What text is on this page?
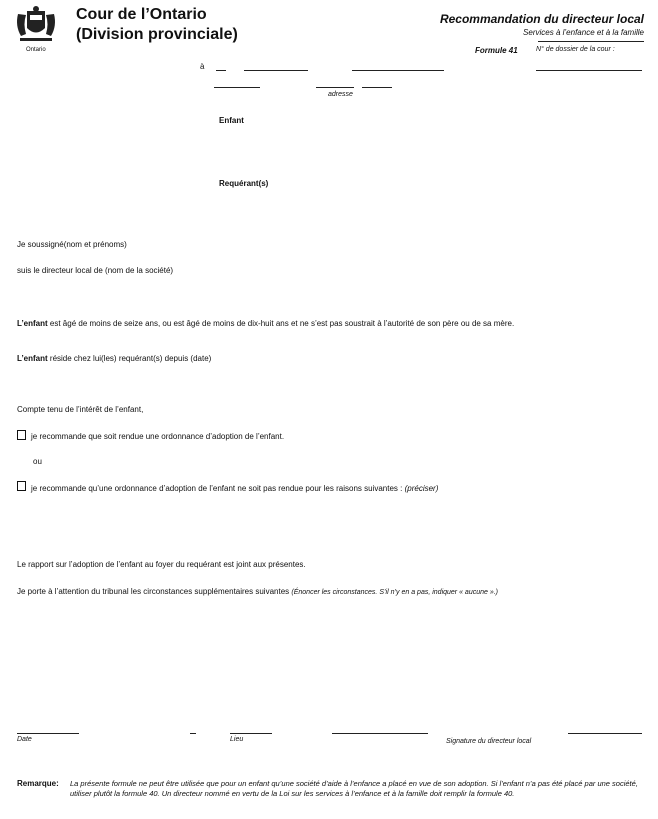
Ontario
Cour de l’Ontario
(Division provinciale)
Recommandation du directeur local
Services à l’enfance et à la famille
Formule 41	N° de dossier de la cour :
à
adresse
Enfant
Requérant(s)
Je soussigné(nom et prénoms)
suis le directeur local de (nom de la société)
L’enfant est âgé de moins de seize ans, ou est âgé de moins de dix-huit ans et ne s’est pas soustrait à l’autorité de son père ou de sa mère.
L’enfant réside chez lui(les) requérant(s) depuis (date)
Compte tenu de l’intérêt de l’enfant,
je recommande que soit rendue une ordonnance d’adoption de l’enfant.
ou
je recommande qu’une ordonnance d’adoption de l’enfant ne soit pas rendue pour les raisons suivantes : (préciser)
Le rapport sur l’adoption de l’enfant au foyer du requérant est joint aux présentes.
Je porte à l’attention du tribunal les circonstances supplémentaires suivantes (Énoncer les circonstances. S’il n’y en a pas, indiquer « aucune ».)
Date	Lieu	Signature du directeur local
Remarque: La présente formule ne peut être utilisée que pour un enfant qu’une société d’aide à l’enfance a placé en vue de son adoption. Si l’enfant n’a pas été placé par une société, utiliser plutôt la formule 40. Un directeur nommé en vertu de la Loi sur les services à l’enfance et à la famille doit remplir la formule 40.
